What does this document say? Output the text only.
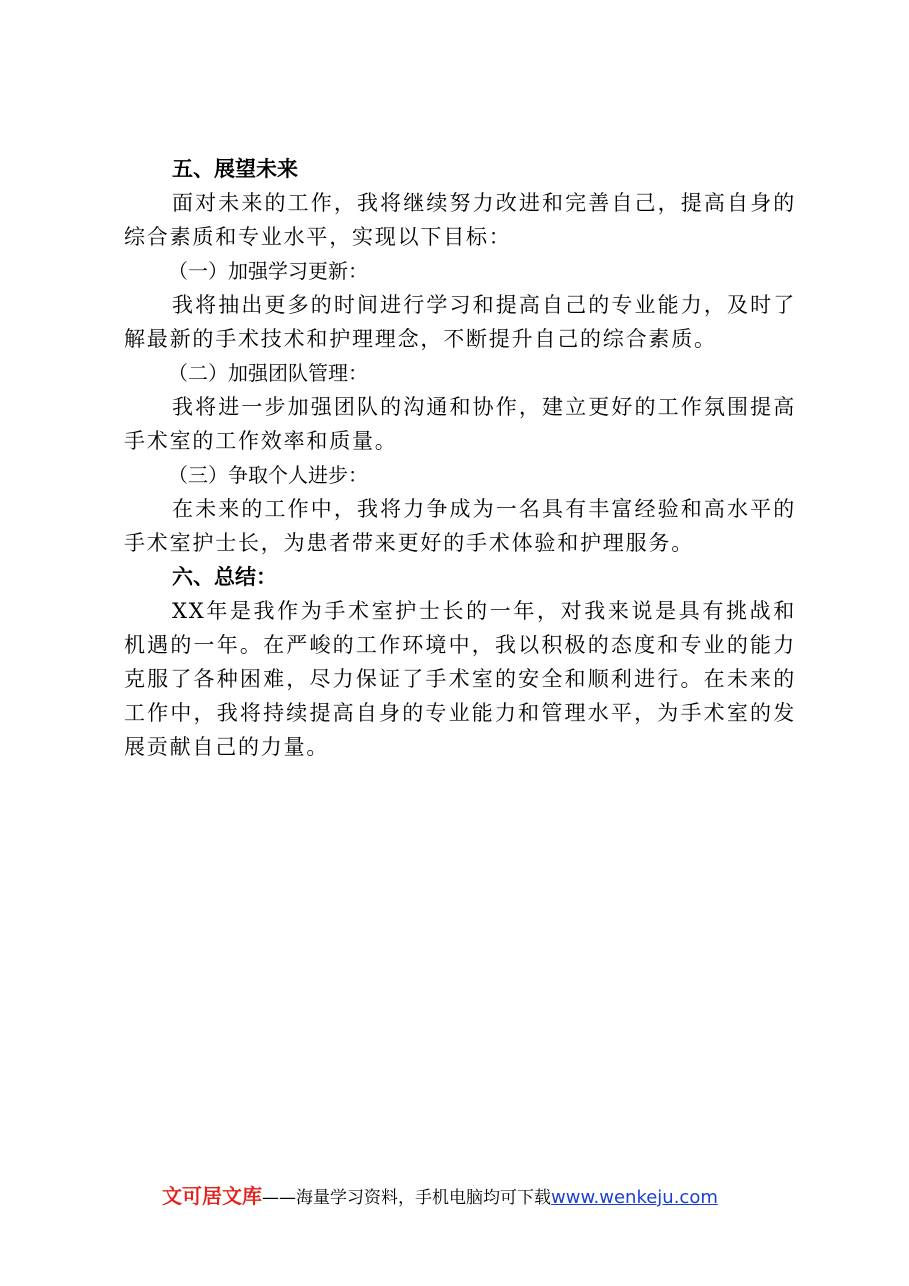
五、展望未来

面对未来的工作，我将继续努力改进和完善自己，提高自身的综合素质和专业水平，实现以下目标：

（一）加强学习更新：

我将抽出更多的时间进行学习和提高自己的专业能力，及时了解最新的手术技术和护理理念，不断提升自己的综合素质。

（二）加强团队管理：

我将进一步加强团队的沟通和协作，建立更好的工作氛围提高手术室的工作效率和质量。

（三）争取个人进步：

在未来的工作中，我将力争成为一名具有丰富经验和高水平的手术室护士长，为患者带来更好的手术体验和护理服务。

六、总结：

XX年是我作为手术室护士长的一年，对我来说是具有挑战和机遇的一年。在严峻的工作环境中，我以积极的态度和专业的能力克服了各种困难，尽力保证了手术室的安全和顺利进行。在未来的工作中，我将持续提高自身的专业能力和管理水平，为手术室的发展贡献自己的力量。

文可居文库——海量学习资料，手机电脑均可下载www.wenkeju.com
